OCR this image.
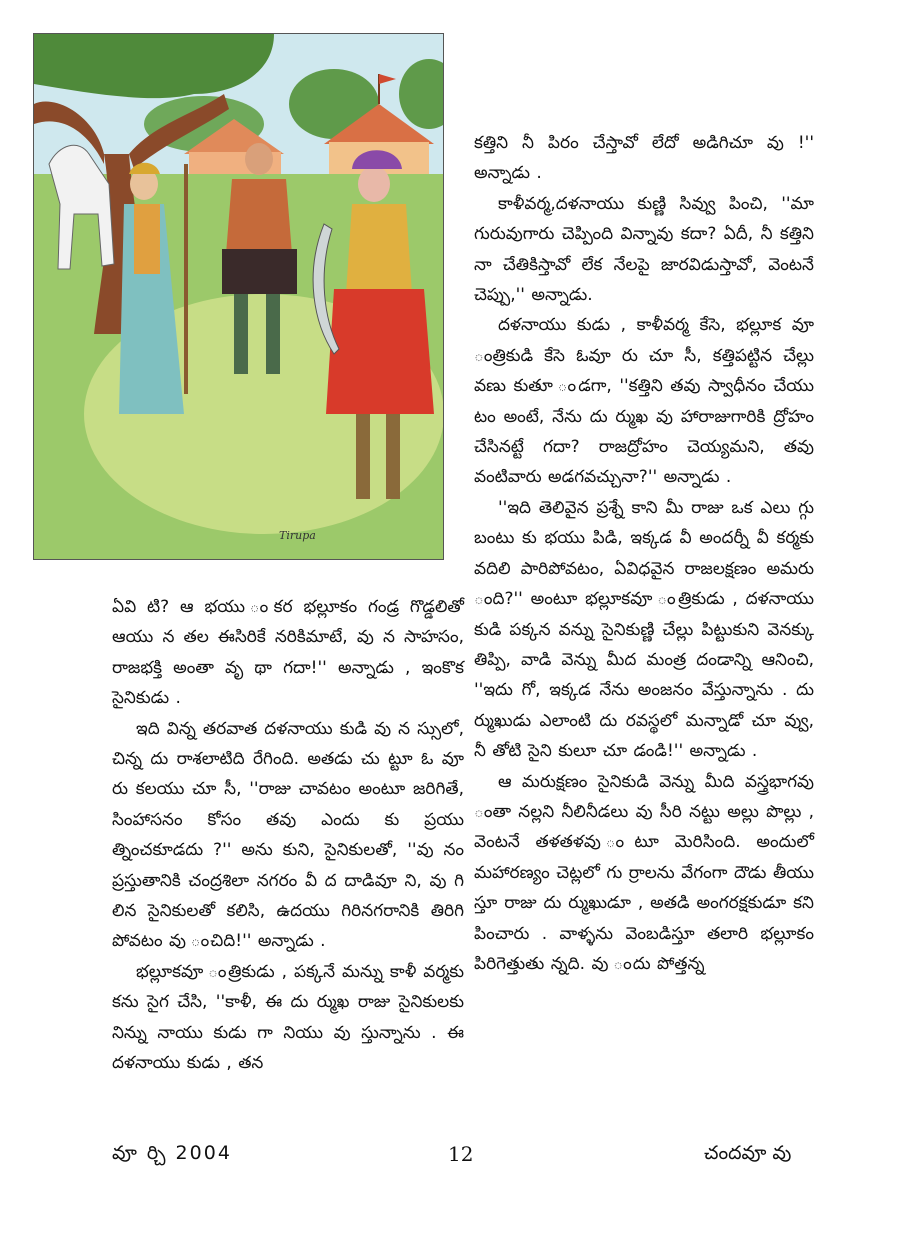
Tirupa

కత్తిని నీ పిరం చేస్తావో లేదో అడిగిచూ వు !'' అన్నాడు .

కాళీవర్మ,దళనాయు కుణ్ణి సివ్వు పించి, ''మా గురువుగారు చెప్పింది విన్నావు కదా? ఏదీ, నీ కత్తిని నా చేతికిస్తావో లేక నేలపై జారవిడుస్తావో, వెంటనే చెప్పు,'' అన్నాడు.

దళనాయు కుడు , కాళీవర్మ కేసె, భల్లూక వూ ంత్రికుడి కేసె ఓవూ రు చూ సీ, కత్తిపట్టిన చేల్లు వణు కుతూ ండగా, ''కత్తిని తవు స్వాధీనం చేయు టం అంటే, నేను దు ర్ముఖ వు హారాజుగారికి ద్రోహం చేసినట్టే గదా? రాజద్రోహం చెయ్యమని, తవు వంటివారు అడగవచ్చునా?'' అన్నాడు .

''ఇది తెలివైన ప్రశ్నే కాని మీ రాజు ఒక ఎలు గ్గు బంటు కు భయు పిడి, ఇక్కడ వీ అందర్నీ వీ కర్మకు వదిలి పారిపోవటం, ఏవిధవైన రాజలక్షణం అమరు ంది?'' అంటూ భల్లూకవూ ంత్రికుడు , దళనాయు కుడి పక్కన వన్ను సైనికుణ్ణి చేల్లు పిట్టుకుని వెనక్కు తిప్పి, వాడి వెన్ను మీద మంత్ర దండాన్ని ఆనించి, ''ఇదు గో, ఇక్కడ నేను అంజనం వేస్తున్నాను . దు ర్ముఖుడు ఎలాంటి దు రవస్థలో మన్నాడో చూ వ్వు, నీ తోటి సైని కులూ చూ డండి!'' అన్నాడు .

ఆ మరుక్షణం సైనికుడి వెన్ను మీది వస్త్రభాగవు ంతా నల్లని నీలినీడలు వు సీరి నట్టు అల్లు పొల్లు , వెంటనే తళతళవు ంటూ మెరిసింది. అందులో మహారణ్యం చెట్లలో గు ర్రాలను వేగంగా దౌడు తీయు స్తూ రాజు దు ర్ముఖుడూ , అతడి అంగరక్షకుడూ కని పించారు . వాళ్ళను వెంబడిస్తూ తలారి భల్లూకం పిరిగెత్తుతు న్నది. వు ందు పోత్తన్న

ఏవి టి? ఆ భయు ంకర భల్లూకం గండ్ర గొడ్డలితో ఆయు న తల ఈసిరికే నరికిమాటే, వు న సాహసం, రాజభక్తి అంతా వృ థా గదా!'' అన్నాడు , ఇంకొక సైనికుడు .

ఇది విన్న తరవాత దళనాయు కుడి వు న స్సులో, చిన్న దు రాశలాటిది రేగింది. అతడు చు ట్టూ ఓ వూ రు కలయు చూ సీ, ''రాజు చావటం అంటూ జరిగితే, సింహాసనం కోసం తవు ఎందు కు ప్రయు త్నించకూడదు ?'' అను కుని, సైనికులతో, ''వు నం ప్రస్తుతానికి చంద్రశిలా నగరం వీ ద దాడివూ ని, వు గి లిన సైనికులతో కలిసి, ఉదయు గిరినగరానికి తిరిగి పోవటం వు ంచిది!'' అన్నాడు .

భల్లూకవూ ంత్రికుడు , పక్కనే మన్ను కాళీ వర్మకు కను సైగ చేసి, ''కాళీ, ఈ దు ర్ముఖ రాజు సైనికులకు నిన్ను నాయు కుడు గా నియు వు స్తున్నాను . ఈ దళనాయు కుడు , తన

వూ ర్చి 2004	12	చందవూ వు
